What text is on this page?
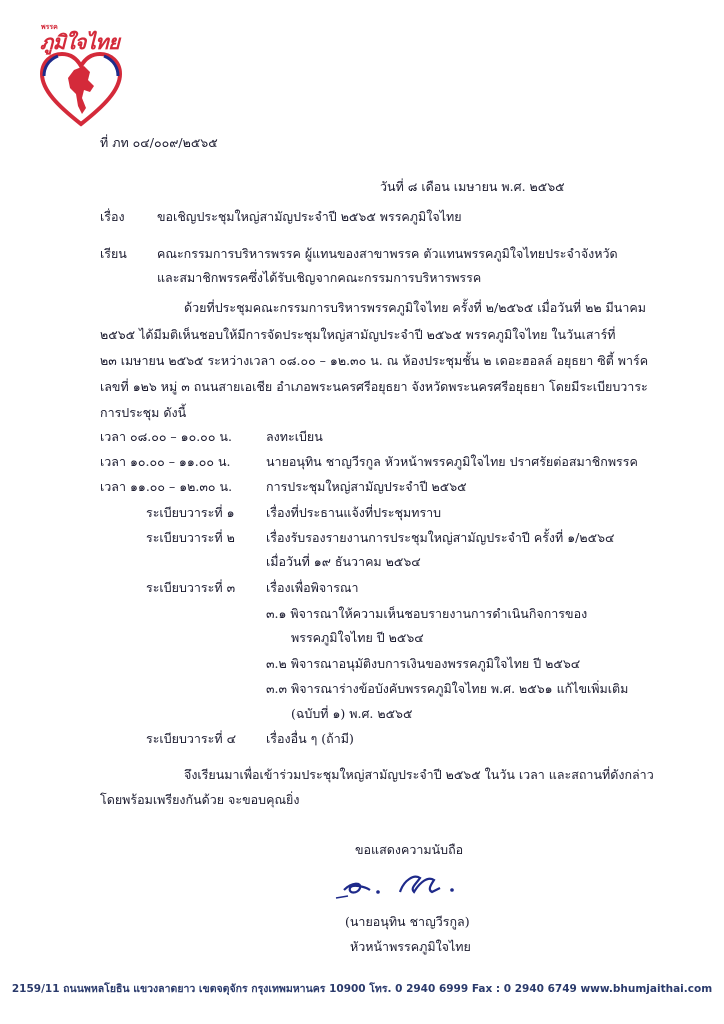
พรรค
ภูมิใจไทย
ที่ ภท ๐๔/๐๐๙/๒๕๖๕
วันที่ ๘ เดือน เมษายน พ.ศ. ๒๕๖๕
เรื่อง	ขอเชิญประชุมใหญ่สามัญประจำปี ๒๕๖๕ พรรคภูมิใจไทย
เรียน คณะกรรมการบริหารพรรค ผู้แทนของสาขาพรรค ตัวแทนพรรคภูมิใจไทยประจำจังหวัด
และสมาชิกพรรคซึ่งได้รับเชิญจากคณะกรรมการบริหารพรรค
ด้วยที่ประชุมคณะกรรมการบริหารพรรคภูมิใจไทย ครั้งที่ ๒/๒๕๖๕ เมื่อวันที่ ๒๒ มีนาคม
๒๕๖๕ ได้มีมติเห็นชอบให้มีการจัดประชุมใหญ่สามัญประจำปี ๒๕๖๕ พรรคภูมิใจไทย ในวันเสาร์ที่
๒๓ เมษายน ๒๕๖๕ ระหว่างเวลา ๐๘.๐๐ – ๑๒.๓๐ น. ณ ห้องประชุมชั้น ๒ เดอะฮอลล์ อยุธยา ซิตี้ พาร์ค
เลขที่ ๑๒๖ หมู่ ๓ ถนนสายเอเชีย อำเภอพระนครศรีอยุธยา จังหวัดพระนครศรีอยุธยา โดยมีระเบียบวาระ
การประชุม ดังนี้
เวลา ๐๘.๐๐ – ๑๐.๐๐ น.	ลงทะเบียน
เวลา ๑๐.๐๐ – ๑๑.๐๐ น.	นายอนุทิน ชาญวีรกูล หัวหน้าพรรคภูมิใจไทย ปราศรัยต่อสมาชิกพรรค
เวลา ๑๑.๐๐ – ๑๒.๓๐ น.	การประชุมใหญ่สามัญประจำปี ๒๕๖๕
ระเบียบวาระที่ ๑	เรื่องที่ประธานแจ้งที่ประชุมทราบ
ระเบียบวาระที่ ๒ เรื่องรับรองรายงานการประชุมใหญ่สามัญประจำปี ครั้งที่ ๑/๒๕๖๔
เมื่อวันที่ ๑๙ ธันวาคม ๒๕๖๔
ระเบียบวาระที่ ๓ เรื่องเพื่อพิจารณา
๓.๑ พิจารณาให้ความเห็นชอบรายงานการดำเนินกิจการของ
พรรคภูมิใจไทย ปี ๒๕๖๔
๓.๒ พิจารณาอนุมัติงบการเงินของพรรคภูมิใจไทย ปี ๒๕๖๔
๓.๓ พิจารณาร่างข้อบังคับพรรคภูมิใจไทย พ.ศ. ๒๕๖๑ แก้ไขเพิ่มเติม
(ฉบับที่ ๑) พ.ศ. ๒๕๖๕
ระเบียบวาระที่ ๔ เรื่องอื่น ๆ (ถ้ามี)
จึงเรียนมาเพื่อเข้าร่วมประชุมใหญ่สามัญประจำปี ๒๕๖๕ ในวัน เวลา และสถานที่ดังกล่าว
โดยพร้อมเพรียงกันด้วย จะขอบคุณยิ่ง
ขอแสดงความนับถือ
(นายอนุทิน ชาญวีรกูล)
หัวหน้าพรรคภูมิใจไทย
2159/11 ถนนพหลโยธิน แขวงลาดยาว เขตจตุจักร กรุงเทพมหานคร 10900 โทร. 0 2940 6999 Fax : 0 2940 6749 www.bhumjaithai.com
